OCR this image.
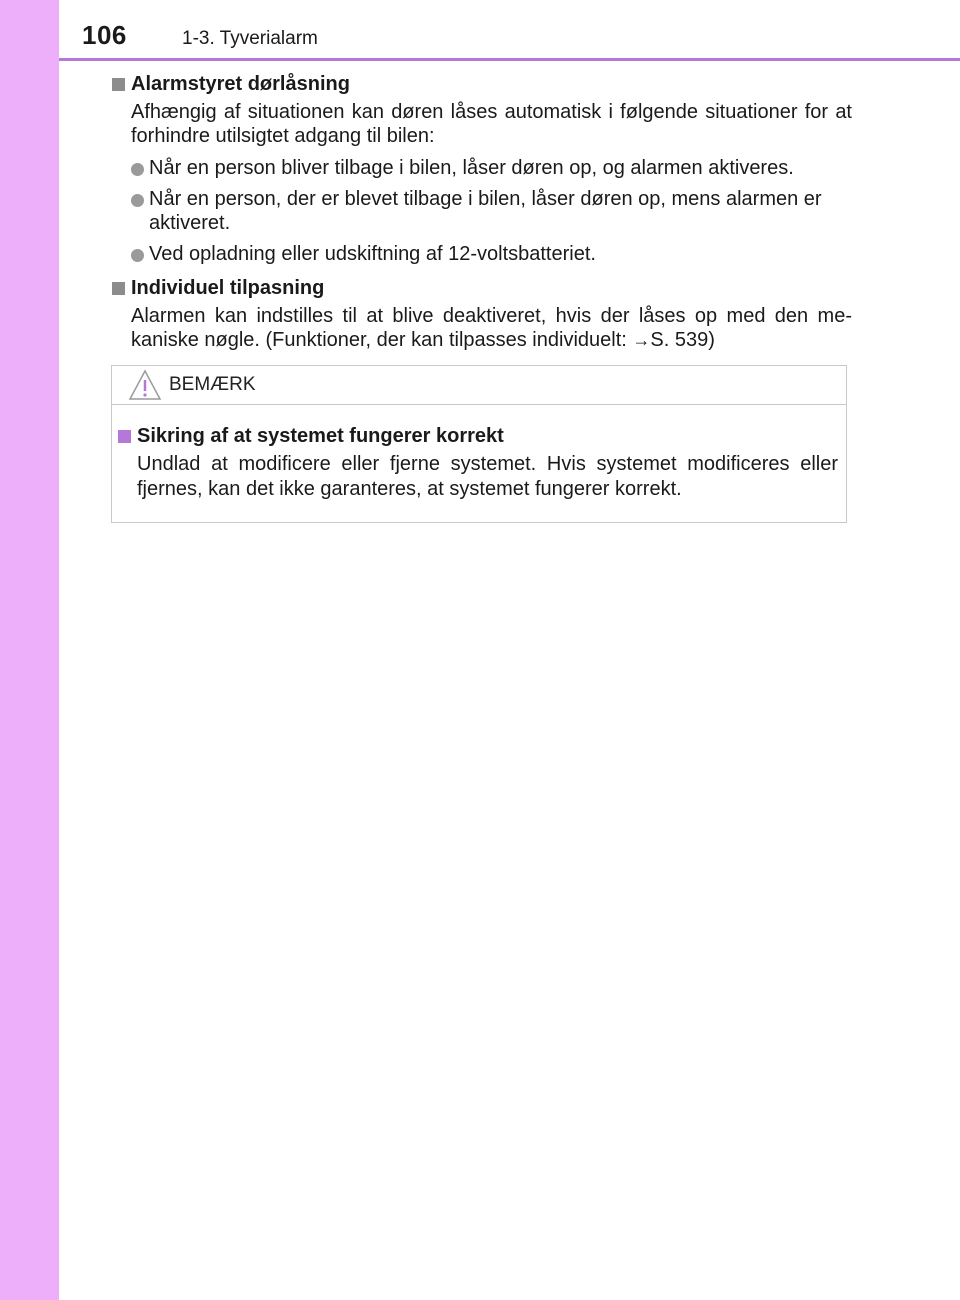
106	1-3. Tyverialarm
Alarmstyret dørlåsning

Afhængig af situationen kan døren låses automatisk i følgende situationer for at forhindre utilsigtet adgang til bilen:

Når en person bliver tilbage i bilen, låser døren op, og alarmen aktiveres.
Når en person, der er blevet tilbage i bilen, låser døren op, mens alarmen er aktiveret.
Ved opladning eller udskiftning af 12-voltsbatteriet.
Individuel tilpasning

Alarmen kan indstilles til at blive deaktiveret, hvis der låses op med den me-kaniske nøgle. (Funktioner, der kan tilpasses individuelt: →S. 539)

BEMÆRK
Sikring af at systemet fungerer korrekt

Undlad at modificere eller fjerne systemet. Hvis systemet modificeres eller fjernes, kan det ikke garanteres, at systemet fungerer korrekt.
